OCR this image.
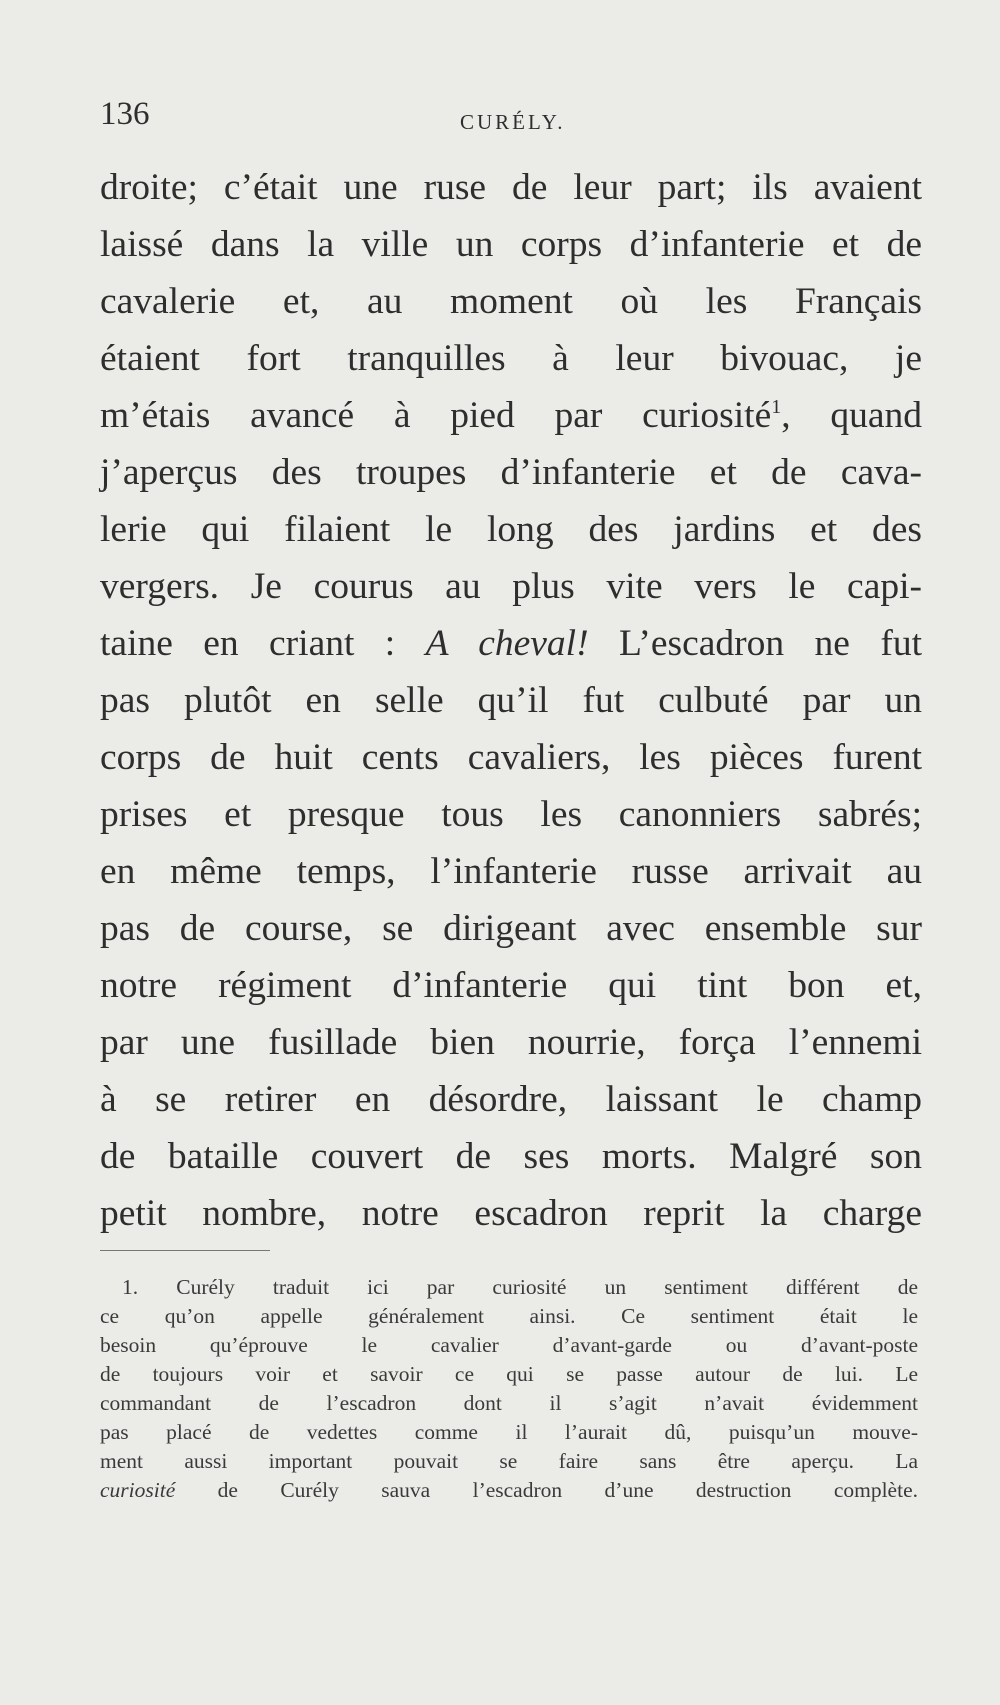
136	CURÉLY.
droite; c’était une ruse de leur part; ils avaient
laissé dans la ville un corps d’infanterie et de
cavalerie et, au moment où les Français
étaient fort tranquilles à leur bivouac, je
m’étais avancé à pied par curiosité$^1$, quand
j’aperçus des troupes d’infanterie et de cava-
lerie qui filaient le long des jardins et des
vergers. Je courus au plus vite vers le capi-
taine en criant : A cheval! L’escadron ne fut
pas plutôt en selle qu’il fut culbuté par un
corps de huit cents cavaliers, les pièces furent
prises et presque tous les canonniers sabrés;
en même temps, l’infanterie russe arrivait au
pas de course, se dirigeant avec ensemble sur
notre régiment d’infanterie qui tint bon et,
par une fusillade bien nourrie, força l’ennemi
à se retirer en désordre, laissant le champ
de bataille couvert de ses morts. Malgré son
petit nombre, notre escadron reprit la charge
1. Curély traduit ici par curiosité un sentiment différent de
ce qu’on appelle généralement ainsi. Ce sentiment était le
besoin qu’éprouve le cavalier d’avant-garde ou d’avant-poste
de toujours voir et savoir ce qui se passe autour de lui. Le
commandant de l’escadron dont il s’agit n’avait évidemment
pas placé de vedettes comme il l’aurait dû, puisqu’un mouve-
ment aussi important pouvait se faire sans être aperçu. La
curiosité de Curély sauva l’escadron d’une destruction complète.
